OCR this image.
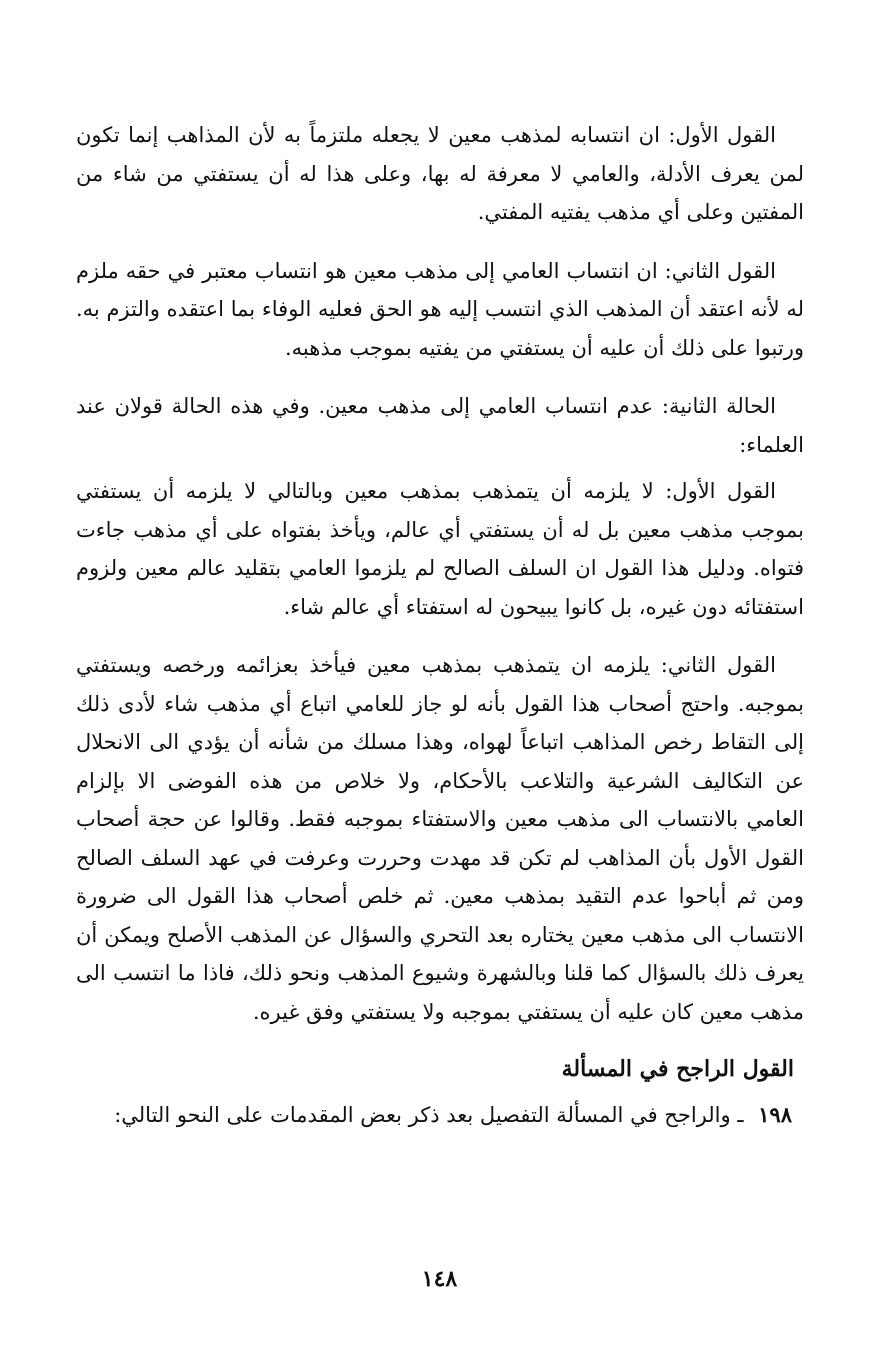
القول الأول: ان انتسابه لمذهب معين لا يجعله ملتزماً به لأن المذاهب إنما تكون لمن يعرف الأدلة، والعامي لا معرفة له بها، وعلى هذا له أن يستفتي من شاء من المفتين وعلى أي مذهب يفتيه المفتي.

القول الثاني: ان انتساب العامي إلى مذهب معين هو انتساب معتبر في حقه ملزم له لأنه اعتقد أن المذهب الذي انتسب إليه هو الحق فعليه الوفاء بما اعتقده والتزم به. ورتبوا على ذلك أن عليه أن يستفتي من يفتيه بموجب مذهبه.

الحالة الثانية: عدم انتساب العامي إلى مذهب معين. وفي هذه الحالة قولان عند العلماء:

القول الأول: لا يلزمه أن يتمذهب بمذهب معين وبالتالي لا يلزمه أن يستفتي بموجب مذهب معين بل له أن يستفتي أي عالم، ويأخذ بفتواه على أي مذهب جاءت فتواه. ودليل هذا القول ان السلف الصالح لم يلزموا العامي بتقليد عالم معين ولزوم استفتائه دون غيره، بل كانوا يبيحون له استفتاء أي عالم شاء.

القول الثاني: يلزمه ان يتمذهب بمذهب معين فيأخذ بعزائمه ورخصه ويستفتي بموجبه. واحتج أصحاب هذا القول بأنه لو جاز للعامي اتباع أي مذهب شاء لأدى ذلك إلى التقاط رخص المذاهب اتباعاً لهواه، وهذا مسلك من شأنه أن يؤدي الى الانحلال عن التكاليف الشرعية والتلاعب بالأحكام، ولا خلاص من هذه الفوضى الا بإلزام العامي بالانتساب الى مذهب معين والاستفتاء بموجبه فقط. وقالوا عن حجة أصحاب القول الأول بأن المذاهب لم تكن قد مهدت وحررت وعرفت في عهد السلف الصالح ومن ثم أباحوا عدم التقيد بمذهب معين. ثم خلص أصحاب هذا القول الى ضرورة الانتساب الى مذهب معين يختاره بعد التحري والسؤال عن المذهب الأصلح ويمكن أن يعرف ذلك بالسؤال كما قلنا وبالشهرة وشيوع المذهب ونحو ذلك، فاذا ما انتسب الى مذهب معين كان عليه أن يستفتي بموجبه ولا يستفتي وفق غيره.

القول الراجح في المسألة

١٩٨ ـ والراجح في المسألة التفصيل بعد ذكر بعض المقدمات على النحو التالي:

١٤٨
